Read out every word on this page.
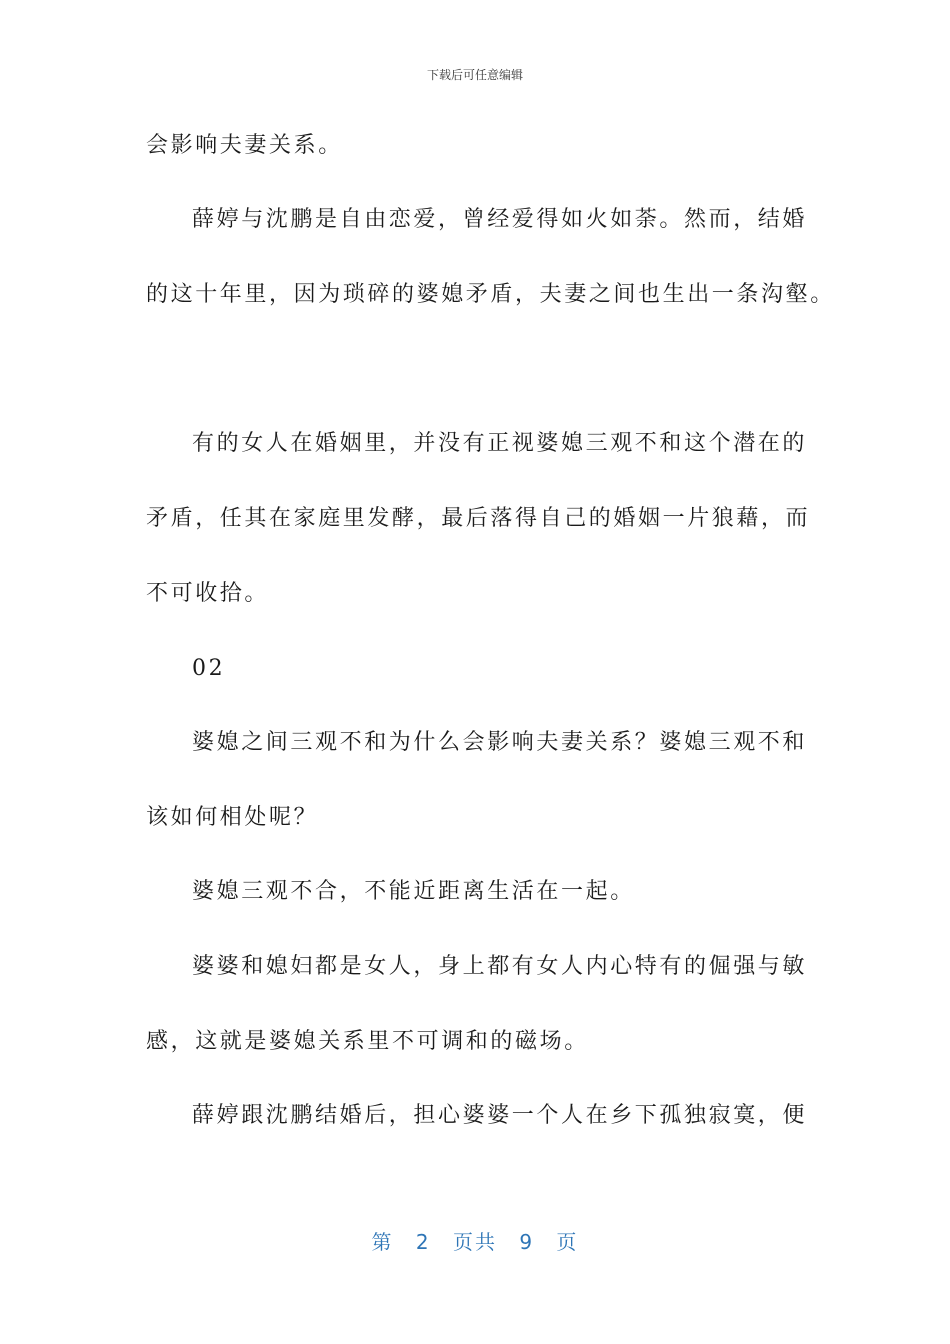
下载后可任意编辑
会影响夫妻关系。
薛婷与沈鹏是自由恋爱，曾经爱得如火如荼。然而，结婚
的这十年里，因为琐碎的婆媳矛盾，夫妻之间也生出一条沟壑。
有的女人在婚姻里，并没有正视婆媳三观不和这个潜在的
矛盾，任其在家庭里发酵，最后落得自己的婚姻一片狼藉，而
不可收拾。
02
婆媳之间三观不和为什么会影响夫妻关系？婆媳三观不和
该如何相处呢？
婆媳三观不合，不能近距离生活在一起。
婆婆和媳妇都是女人，身上都有女人内心特有的倔强与敏
感，这就是婆媳关系里不可调和的磁场。
薛婷跟沈鹏结婚后，担心婆婆一个人在乡下孤独寂寞，便
第 2 页共 9 页
